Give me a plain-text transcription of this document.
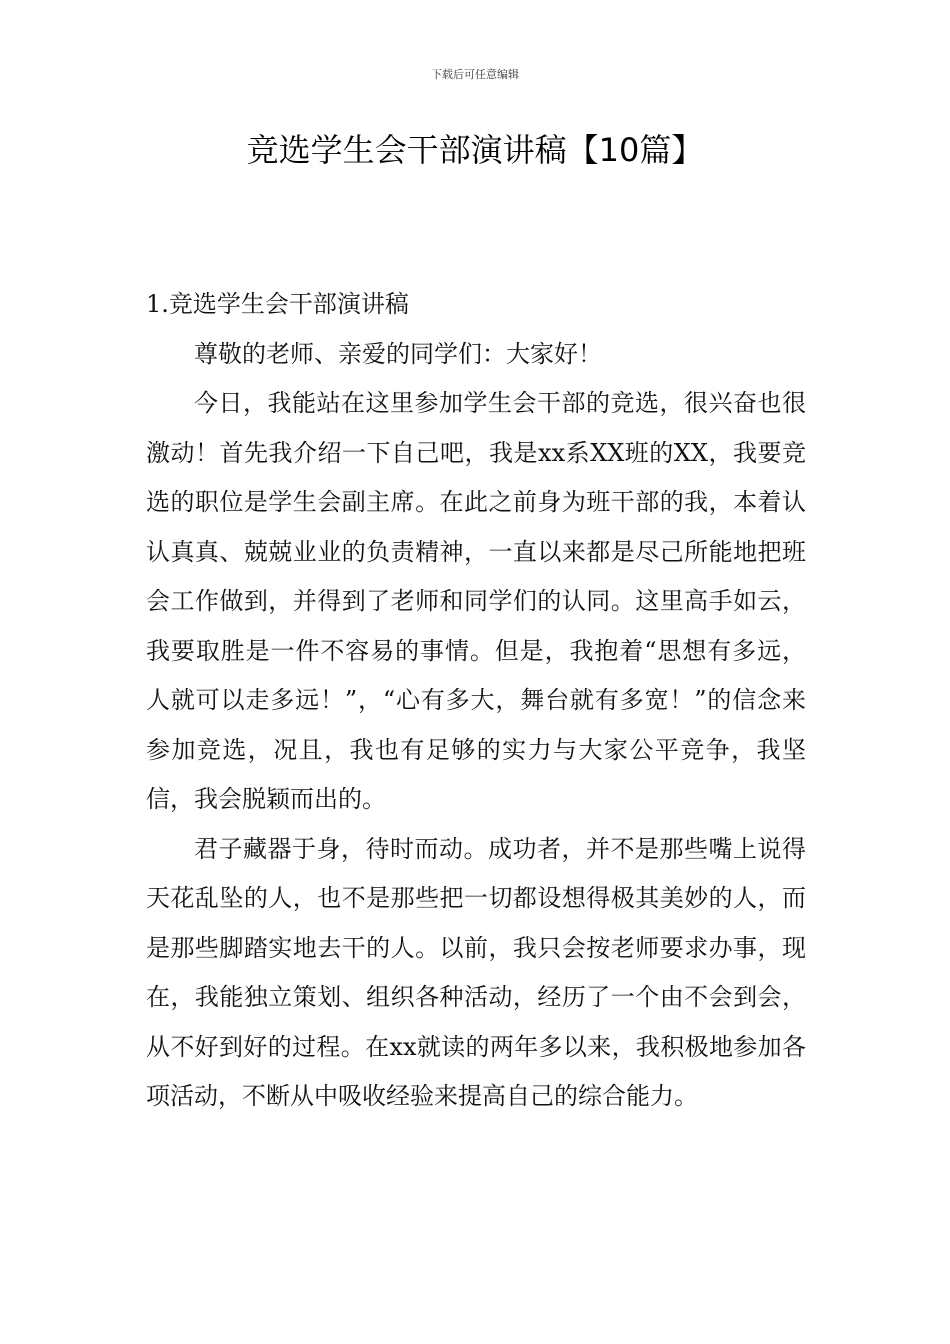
下载后可任意编辑
竞选学生会干部演讲稿【10篇】
1.竞选学生会干部演讲稿

尊敬的老师、亲爱的同学们：大家好！

今日，我能站在这里参加学生会干部的竞选，很兴奋也很激动！首先我介绍一下自己吧，我是xx系XX班的XX，我要竞选的职位是学生会副主席。在此之前身为班干部的我，本着认认真真、兢兢业业的负责精神，一直以来都是尽己所能地把班会工作做到，并得到了老师和同学们的认同。这里高手如云，我要取胜是一件不容易的事情。但是，我抱着“思想有多远，人就可以走多远！”，“心有多大，舞台就有多宽！”的信念来参加竞选，况且，我也有足够的实力与大家公平竞争，我坚信，我会脱颖而出的。

君子藏器于身，待时而动。成功者，并不是那些嘴上说得天花乱坠的人，也不是那些把一切都设想得极其美妙的人，而是那些脚踏实地去干的人。以前，我只会按老师要求办事，现在，我能独立策划、组织各种活动，经历了一个由不会到会，从不好到好的过程。在xx就读的两年多以来，我积极地参加各项活动，不断从中吸收经验来提高自己的综合能力。
